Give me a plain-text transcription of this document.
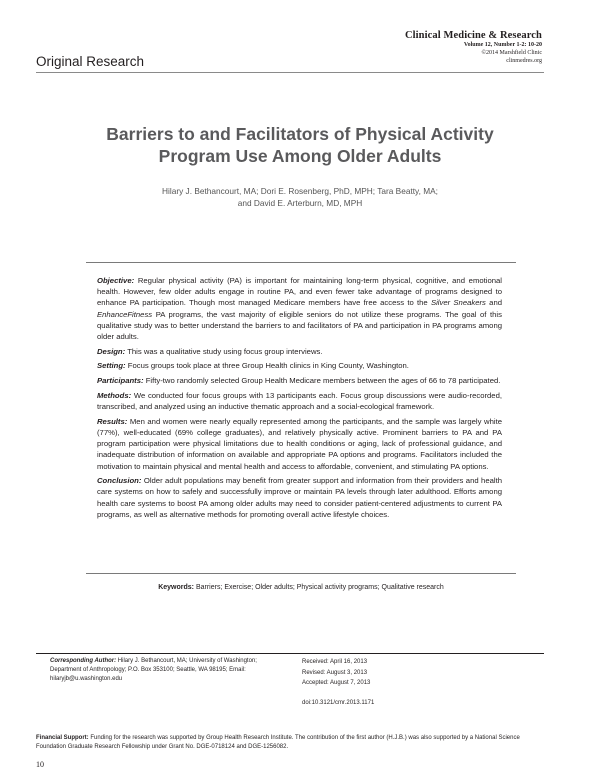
Clinical Medicine & Research
Volume 12, Number 1-2: 10-20
©2014 Marshfield Clinic
clinmedres.org
Original Research
Barriers to and Facilitators of Physical Activity
Program Use Among Older Adults
Hilary J. Bethancourt, MA; Dori E. Rosenberg, PhD, MPH; Tara Beatty, MA;
and David E. Arterburn, MD, MPH

Objective: Regular physical activity (PA) is important for maintaining long-term physical, cognitive, and emotional health. However, few older adults engage in routine PA, and even fewer take advantage of programs designed to enhance PA participation. Though most managed Medicare members have free access to the Silver Sneakers and EnhanceFitness PA programs, the vast majority of eligible seniors do not utilize these programs. The goal of this qualitative study was to better understand the barriers to and facilitators of PA and participation in PA programs among older adults.

Design: This was a qualitative study using focus group interviews.

Setting: Focus groups took place at three Group Health clinics in King County, Washington.

Participants: Fifty-two randomly selected Group Health Medicare members between the ages of 66 to 78 participated.

Methods: We conducted four focus groups with 13 participants each. Focus group discussions were audio-recorded, transcribed, and analyzed using an inductive thematic approach and a social-ecological framework.

Results: Men and women were nearly equally represented among the participants, and the sample was largely white (77%), well-educated (69% college graduates), and relatively physically active. Prominent barriers to PA and PA program participation were physical limitations due to health conditions or aging, lack of professional guidance, and inadequate distribution of information on available and appropriate PA options and programs. Facilitators included the motivation to maintain physical and mental health and access to affordable, convenient, and stimulating PA options.

Conclusion: Older adult populations may benefit from greater support and information from their providers and health care systems on how to safely and successfully improve or maintain PA levels through later adulthood. Efforts among health care systems to boost PA among older adults may need to consider patient-centered adjustments to current PA programs, as well as alternative methods for promoting overall active lifestyle choices.

Keywords: Barriers; Exercise; Older adults; Physical activity programs; Qualitative research
Corresponding Author: Hilary J. Bethancourt, MA; University of Washington; Department of Anthropology; P.O. Box 353100; Seattle, WA 98195; Email: hilaryjb@u.washington.edu
Received: April 16, 2013
Revised: August 3, 2013
Accepted: August 7, 2013
doi:10.3121/cmr.2013.1171
Financial Support: Funding for the research was supported by Group Health Research Institute. The contribution of the first author (H.J.B.) was also supported by a National Science Foundation Graduate Research Fellowship under Grant No. DGE-0718124 and DGE-1256082.
10
